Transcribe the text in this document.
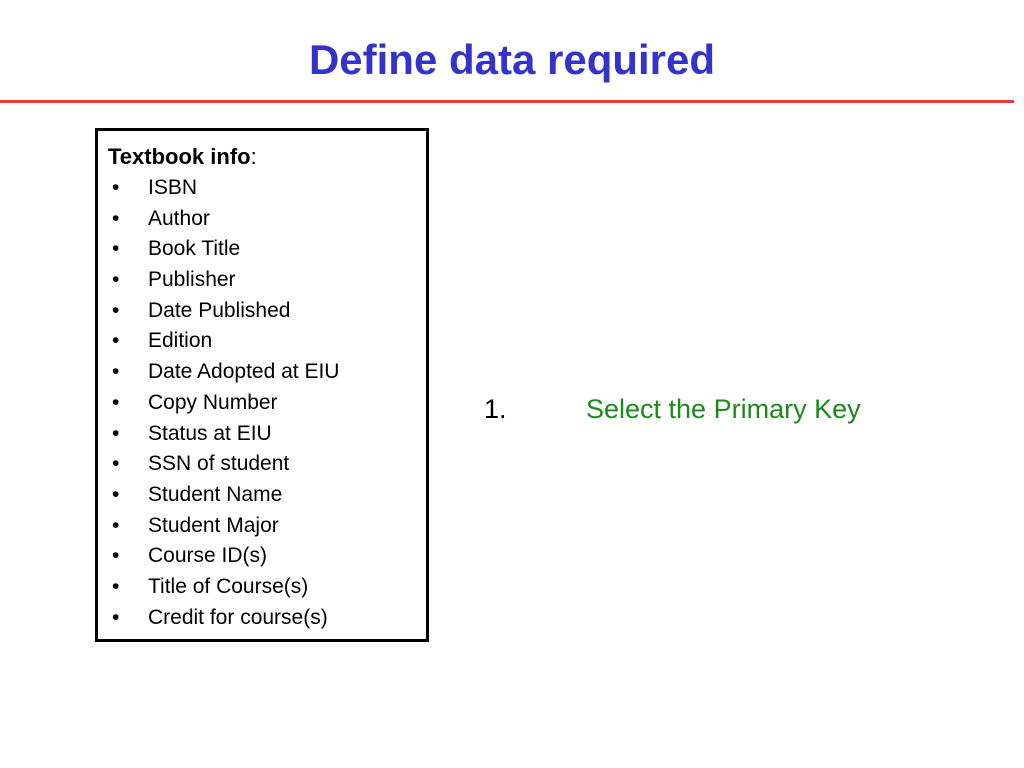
Define data required
Textbook info:
• ISBN
• Author
• Book Title
• Publisher
• Date Published
• Edition
• Date Adopted at EIU
• Copy Number
• Status at EIU
• SSN of student
• Student Name
• Student Major
• Course ID(s)
• Title of Course(s)
• Credit for course(s)
1.	Select the Primary Key
